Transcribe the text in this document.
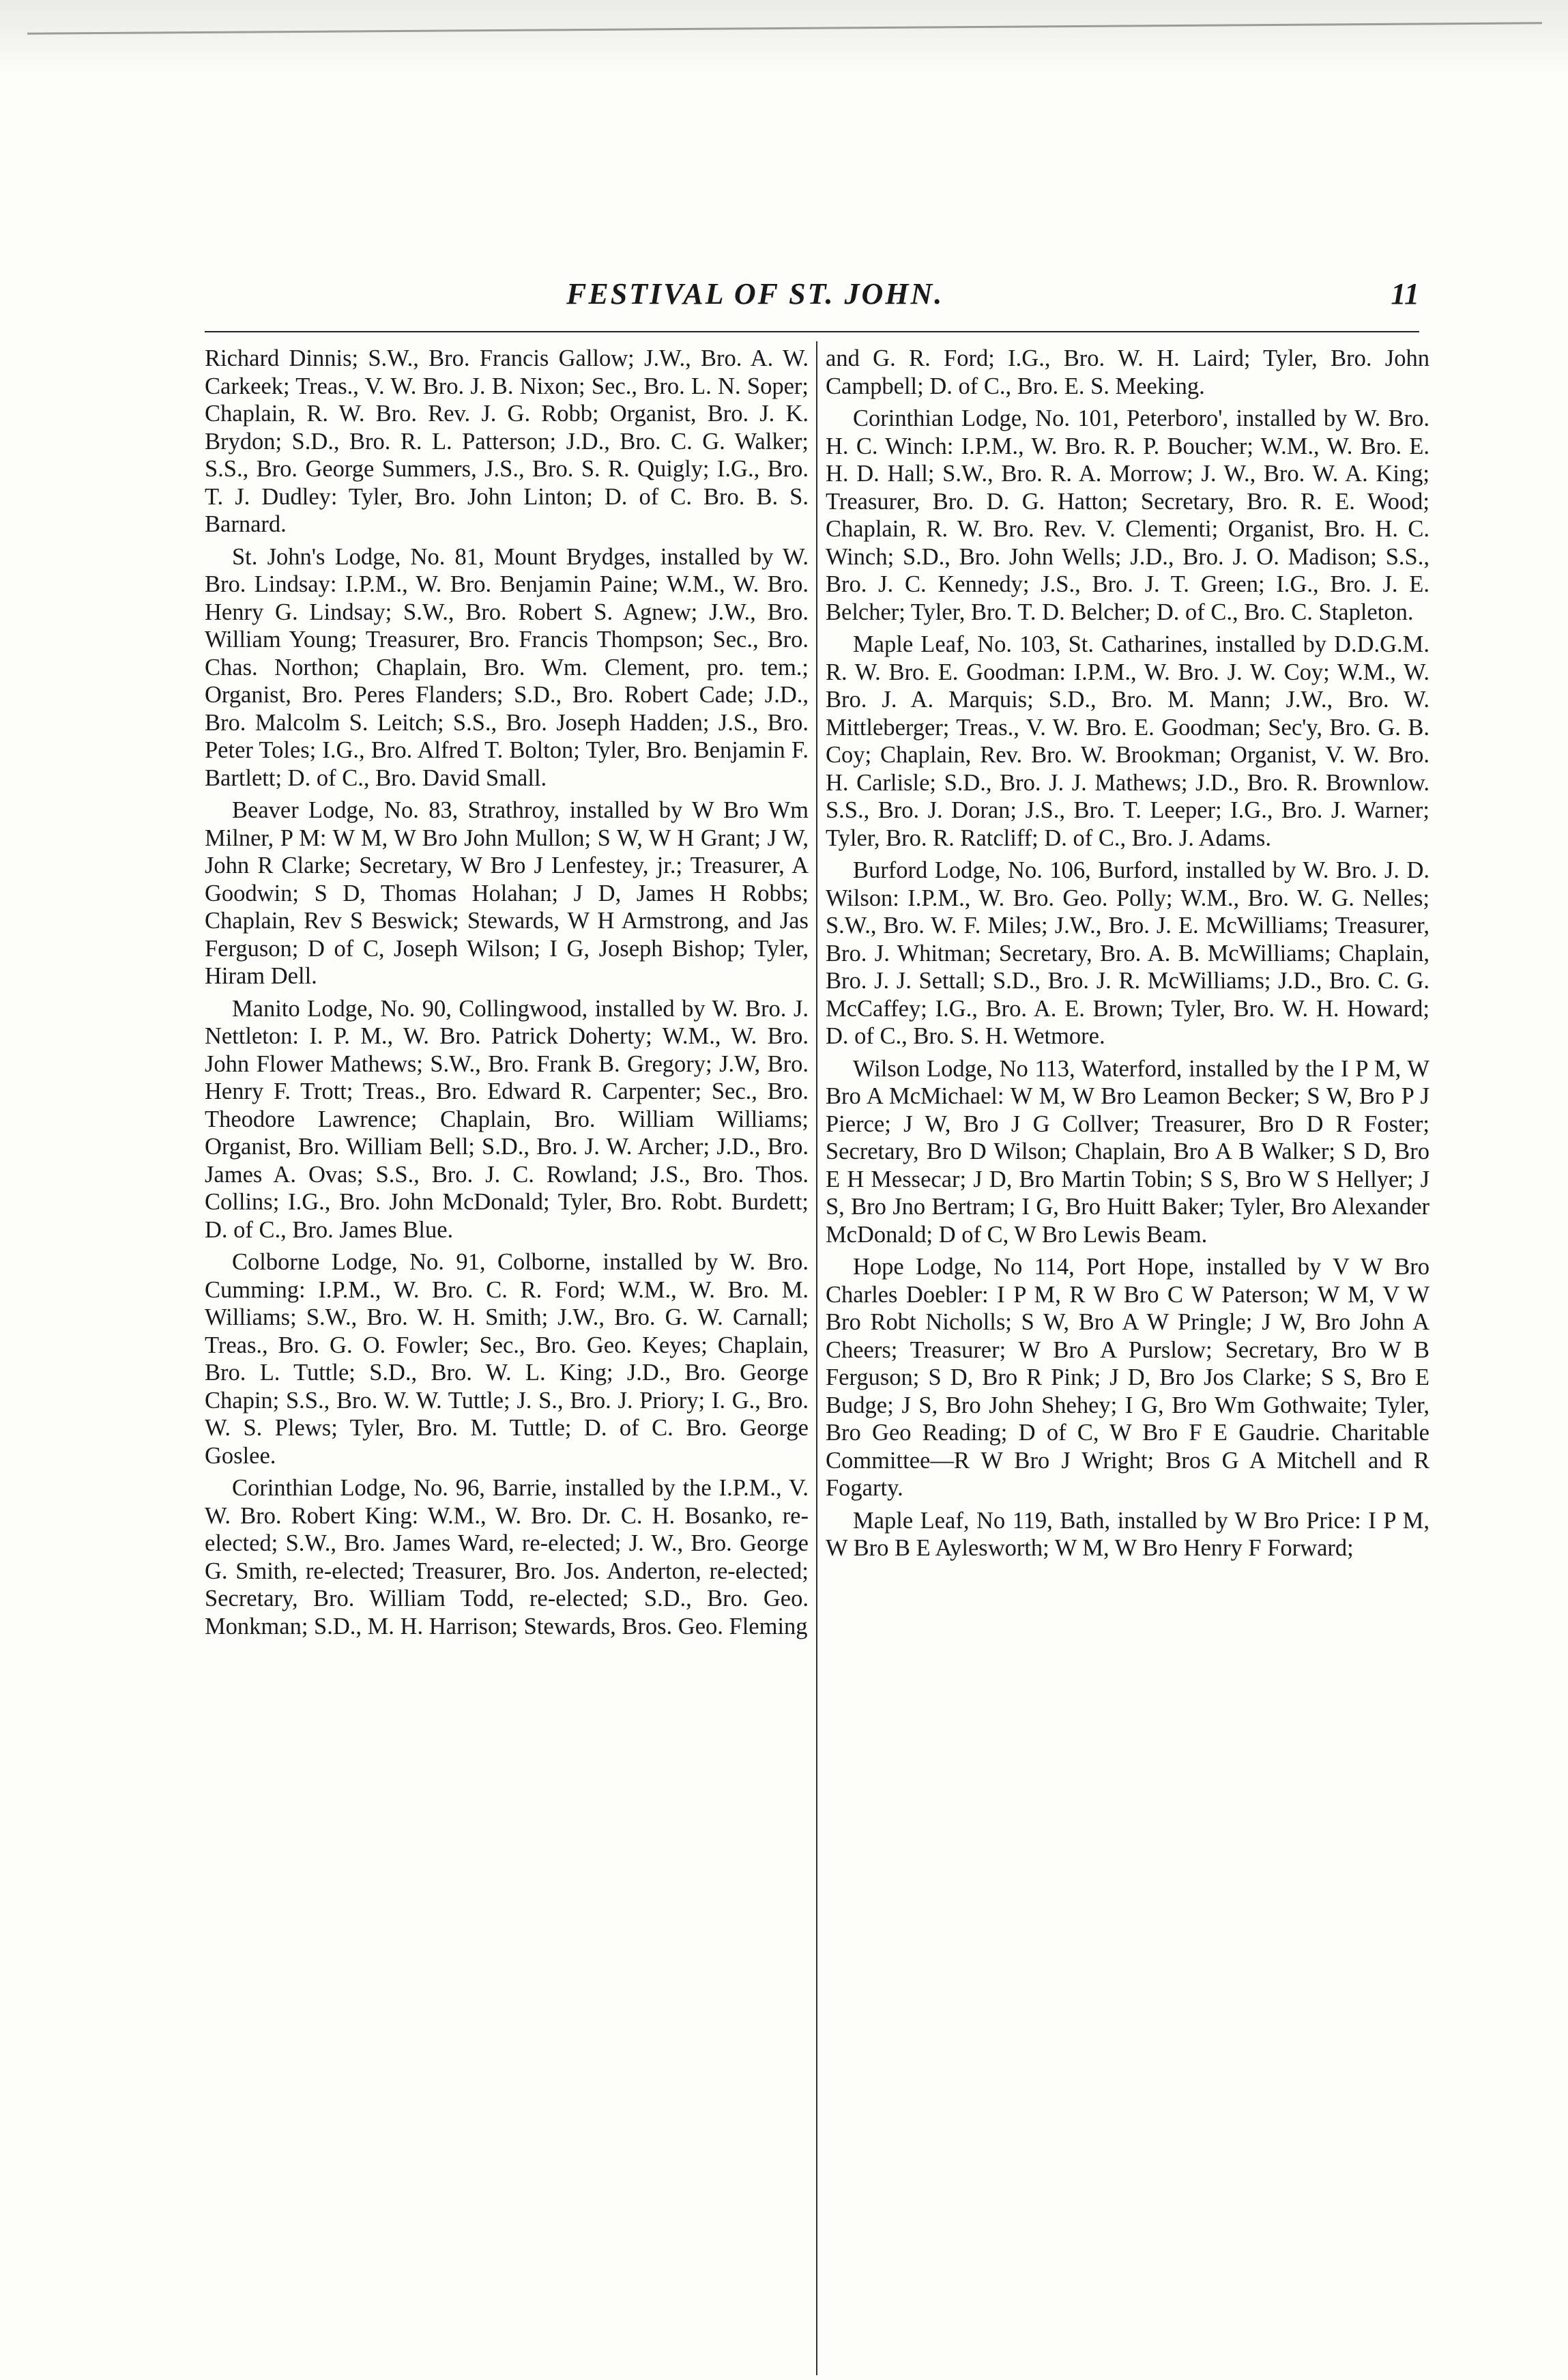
FESTIVAL OF ST. JOHN.	11

Richard Dinnis; S.W., Bro. Francis Gallow; J.W., Bro. A. W. Carkeek; Treas., V. W. Bro. J. B. Nixon; Sec., Bro. L. N. Soper; Chaplain, R. W. Bro. Rev. J. G. Robb; Organist, Bro. J. K. Brydon; S.D., Bro. R. L. Patterson; J.D., Bro. C. G. Walker; S.S., Bro. George Summers, J.S., Bro. S. R. Quigly; I.G., Bro. T. J. Dudley: Tyler, Bro. John Linton; D. of C. Bro. B. S. Barnard.

St. John's Lodge, No. 81, Mount Brydges, installed by W. Bro. Lindsay: I.P.M., W. Bro. Benjamin Paine; W.M., W. Bro. Henry G. Lindsay; S.W., Bro. Robert S. Agnew; J.W., Bro. William Young; Treasurer, Bro. Francis Thompson; Sec., Bro. Chas. Northon; Chaplain, Bro. Wm. Clement, pro. tem.; Organist, Bro. Peres Flanders; S.D., Bro. Robert Cade; J.D., Bro. Malcolm S. Leitch; S.S., Bro. Joseph Hadden; J.S., Bro. Peter Toles; I.G., Bro. Alfred T. Bolton; Tyler, Bro. Benjamin F. Bartlett; D. of C., Bro. David Small.

Beaver Lodge, No. 83, Strathroy, installed by W Bro Wm Milner, P M: W M, W Bro John Mullon; S W, W H Grant; J W, John R Clarke; Secretary, W Bro J Lenfestey, jr.; Treasurer, A Goodwin; S D, Thomas Holahan; J D, James H Robbs; Chaplain, Rev S Beswick; Stewards, W H Armstrong, and Jas Ferguson; D of C, Joseph Wilson; I G, Joseph Bishop; Tyler, Hiram Dell.

Manito Lodge, No. 90, Collingwood, installed by W. Bro. J. Nettleton: I. P. M., W. Bro. Patrick Doherty; W.M., W. Bro. John Flower Mathews; S.W., Bro. Frank B. Gregory; J.W, Bro. Henry F. Trott; Treas., Bro. Edward R. Carpenter; Sec., Bro. Theodore Lawrence; Chaplain, Bro. William Williams; Organist, Bro. William Bell; S.D., Bro. J. W. Archer; J.D., Bro. James A. Ovas; S.S., Bro. J. C. Rowland; J.S., Bro. Thos. Collins; I.G., Bro. John McDonald; Tyler, Bro. Robt. Burdett; D. of C., Bro. James Blue.

Colborne Lodge, No. 91, Colborne, installed by W. Bro. Cumming: I.P.M., W. Bro. C. R. Ford; W.M., W. Bro. M. Williams; S.W., Bro. W. H. Smith; J.W., Bro. G. W. Carnall; Treas., Bro. G. O. Fowler; Sec., Bro. Geo. Keyes; Chaplain, Bro. L. Tuttle; S.D., Bro. W. L. King; J.D., Bro. George Chapin; S.S., Bro. W. W. Tuttle; J. S., Bro. J. Priory; I. G., Bro. W. S. Plews; Tyler, Bro. M. Tuttle; D. of C. Bro. George Goslee.

Corinthian Lodge, No. 96, Barrie, installed by the I.P.M., V. W. Bro. Robert King: W.M., W. Bro. Dr. C. H. Bosanko, re-elected; S.W., Bro. James Ward, re-elected; J. W., Bro. George G. Smith, re-elected; Treasurer, Bro. Jos. Anderton, re-elected; Secretary, Bro. William Todd, re-elected; S.D., Bro. Geo. Monkman; S.D., M. H. Harrison; Stewards, Bros. Geo. Fleming

and G. R. Ford; I.G., Bro. W. H. Laird; Tyler, Bro. John Campbell; D. of C., Bro. E. S. Meeking.

Corinthian Lodge, No. 101, Peterboro', installed by W. Bro. H. C. Winch: I.P.M., W. Bro. R. P. Boucher; W.M., W. Bro. E. H. D. Hall; S.W., Bro. R. A. Morrow; J. W., Bro. W. A. King; Treasurer, Bro. D. G. Hatton; Secretary, Bro. R. E. Wood; Chaplain, R. W. Bro. Rev. V. Clementi; Organist, Bro. H. C. Winch; S.D., Bro. John Wells; J.D., Bro. J. O. Madison; S.S., Bro. J. C. Kennedy; J.S., Bro. J. T. Green; I.G., Bro. J. E. Belcher; Tyler, Bro. T. D. Belcher; D. of C., Bro. C. Stapleton.

Maple Leaf, No. 103, St. Catharines, installed by D.D.G.M. R. W. Bro. E. Goodman: I.P.M., W. Bro. J. W. Coy; W.M., W. Bro. J. A. Marquis; S.D., Bro. M. Mann; J.W., Bro. W. Mittleberger; Treas., V. W. Bro. E. Goodman; Sec'y, Bro. G. B. Coy; Chaplain, Rev. Bro. W. Brookman; Organist, V. W. Bro. H. Carlisle; S.D., Bro. J. J. Mathews; J.D., Bro. R. Brownlow. S.S., Bro. J. Doran; J.S., Bro. T. Leeper; I.G., Bro. J. Warner; Tyler, Bro. R. Ratcliff; D. of C., Bro. J. Adams.

Burford Lodge, No. 106, Burford, installed by W. Bro. J. D. Wilson: I.P.M., W. Bro. Geo. Polly; W.M., Bro. W. G. Nelles; S.W., Bro. W. F. Miles; J.W., Bro. J. E. McWilliams; Treasurer, Bro. J. Whitman; Secretary, Bro. A. B. McWilliams; Chaplain, Bro. J. J. Settall; S.D., Bro. J. R. McWilliams; J.D., Bro. C. G. McCaffey; I.G., Bro. A. E. Brown; Tyler, Bro. W. H. Howard; D. of C., Bro. S. H. Wetmore.

Wilson Lodge, No 113, Waterford, installed by the I P M, W Bro A McMichael: W M, W Bro Leamon Becker; S W, Bro P J Pierce; J W, Bro J G Collver; Treasurer, Bro D R Foster; Secretary, Bro D Wilson; Chaplain, Bro A B Walker; S D, Bro E H Messecar; J D, Bro Martin Tobin; S S, Bro W S Hellyer; J S, Bro Jno Bertram; I G, Bro Huitt Baker; Tyler, Bro Alexander McDonald; D of C, W Bro Lewis Beam.

Hope Lodge, No 114, Port Hope, installed by V W Bro Charles Doebler: I P M, R W Bro C W Paterson; W M, V W Bro Robt Nicholls; S W, Bro A W Pringle; J W, Bro John A Cheers; Treasurer; W Bro A Purslow; Secretary, Bro W B Ferguson; S D, Bro R Pink; J D, Bro Jos Clarke; S S, Bro E Budge; J S, Bro John Shehey; I G, Bro Wm Gothwaite; Tyler, Bro Geo Reading; D of C, W Bro F E Gaudrie. Charitable Committee—R W Bro J Wright; Bros G A Mitchell and R Fogarty.

Maple Leaf, No 119, Bath, installed by W Bro Price: I P M, W Bro B E Aylesworth; W M, W Bro Henry F Forward;
